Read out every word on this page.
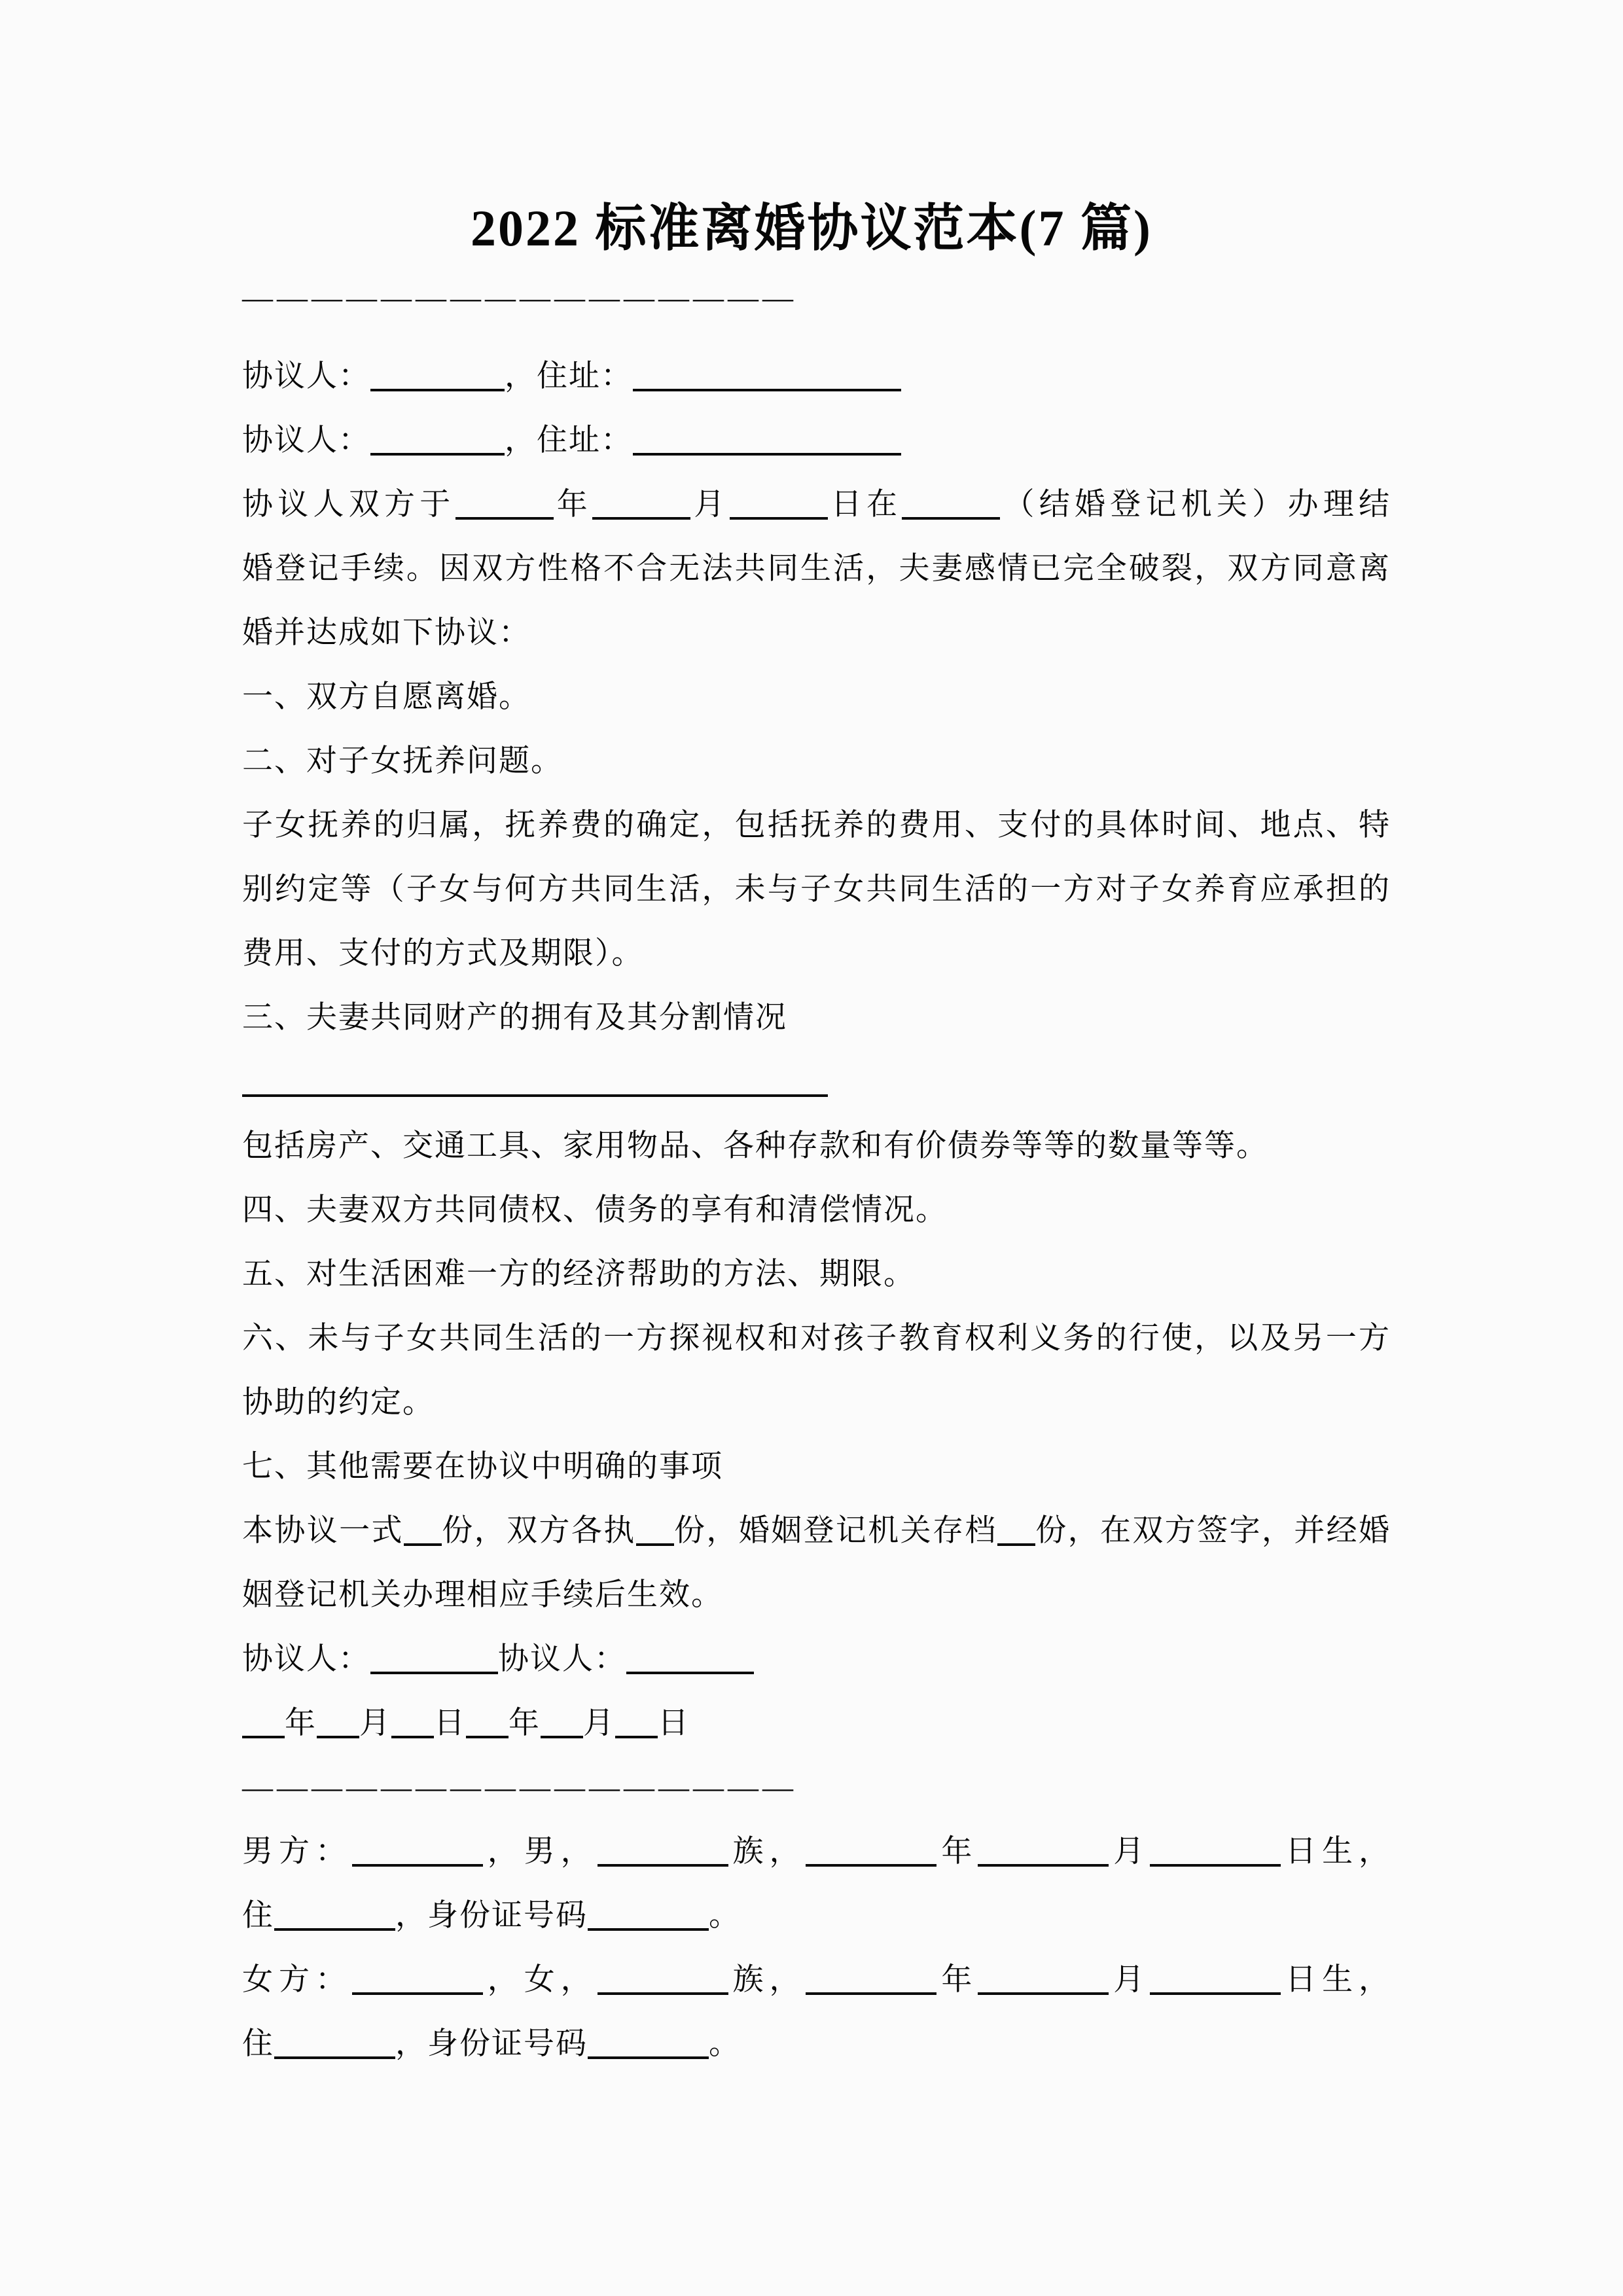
2022 标准离婚协议范本(7 篇)
————————————————
协议人：	，住址：
协议人：	，住址：
协议人双方于	年	月	日在	（结婚登记机关）办理结
婚登记手续。因双方性格不合无法共同生活，夫妻感情已完全破裂，双方同意离
婚并达成如下协议：
一、双方自愿离婚。
二、对子女抚养问题。
子女抚养的归属，抚养费的确定，包括抚养的费用、支付的具体时间、地点、特
别约定等（子女与何方共同生活，未与子女共同生活的一方对子女养育应承担的
费用、支付的方式及期限）。
三、夫妻共同财产的拥有及其分割情况
包括房产、交通工具、家用物品、各种存款和有价债券等等的数量等等。
四、夫妻双方共同债权、债务的享有和清偿情况。
五、对生活困难一方的经济帮助的方法、期限。
六、未与子女共同生活的一方探视权和对孩子教育权利义务的行使，以及另一方
协助的约定。
七、其他需要在协议中明确的事项
本协议一式 份，双方各执 份，婚姻登记机关存档 份，在双方签字，并经婚
姻登记机关办理相应手续后生效。
协议人：	协议人：
年 月 日 年 月 日
————————————————
男方：	，男，	族，	年	月	日生，
住	，身份证号码	。
女方：	，女，	族，	年	月	日生，
住	，身份证号码	。
